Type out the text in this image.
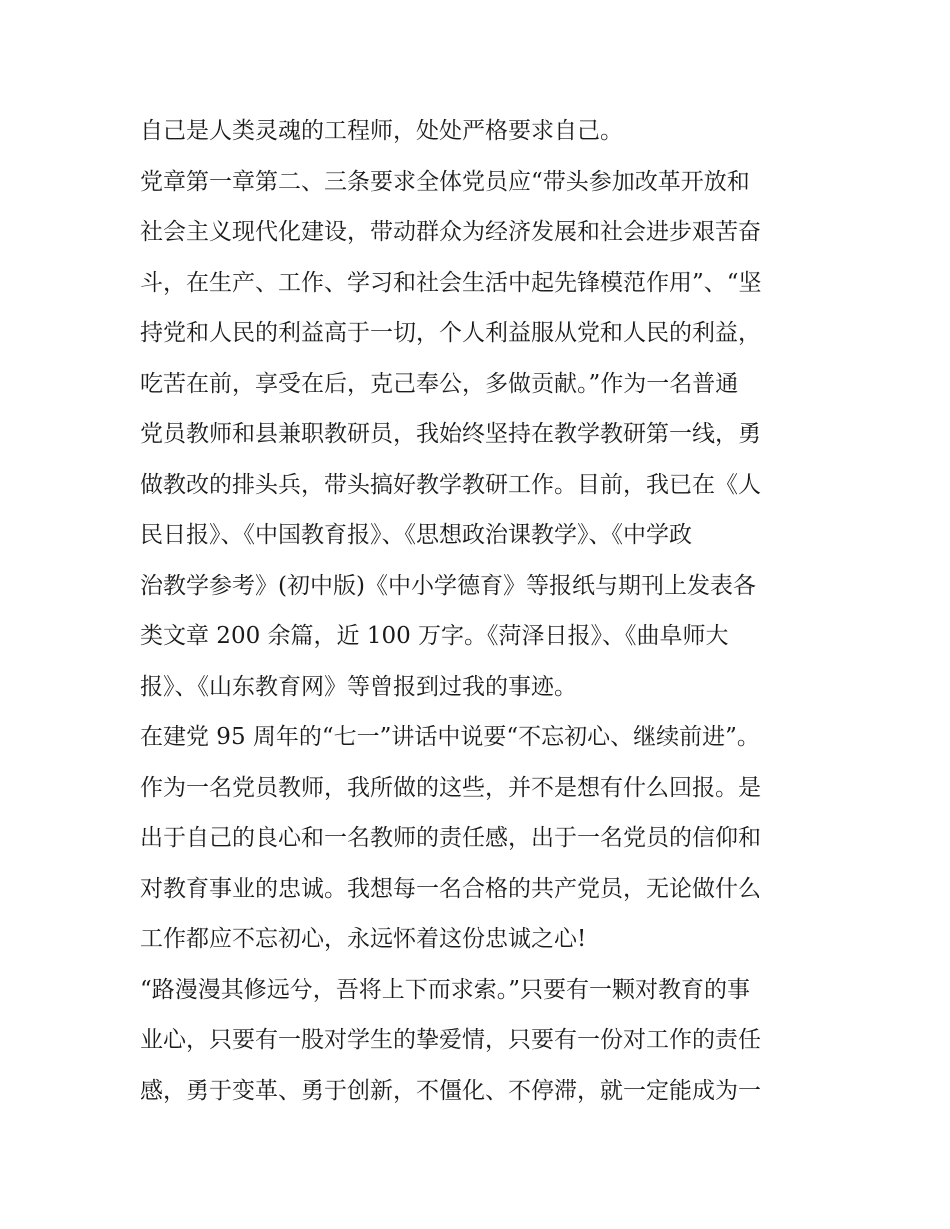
自己是人类灵魂的工程师，处处严格要求自己。
党章第一章第二、三条要求全体党员应“带头参加改革开放和
社会主义现代化建设，带动群众为经济发展和社会进步艰苦奋
斗，在生产、工作、学习和社会生活中起先锋模范作用”、“坚
持党和人民的利益高于一切，个人利益服从党和人民的利益，
吃苦在前，享受在后，克己奉公，多做贡献。”作为一名普通
党员教师和县兼职教研员，我始终坚持在教学教研第一线，勇
做教改的排头兵，带头搞好教学教研工作。目前，我已在《人
民日报》、《中国教育报》、《思想政治课教学》、《中学政
治教学参考》(初中版)《中小学德育》等报纸与期刊上发表各
类文章 200 余篇，近 100 万字。《菏泽日报》、《曲阜师大
报》、《山东教育网》等曾报到过我的事迹。
在建党 95 周年的“七一”讲话中说要“不忘初心、继续前进”。
作为一名党员教师，我所做的这些，并不是想有什么回报。是
出于自己的良心和一名教师的责任感，出于一名党员的信仰和
对教育事业的忠诚。我想每一名合格的共产党员，无论做什么
工作都应不忘初心，永远怀着这份忠诚之心!
“路漫漫其修远兮，吾将上下而求索。”只要有一颗对教育的事
业心，只要有一股对学生的挚爱情，只要有一份对工作的责任
感，勇于变革、勇于创新，不僵化、不停滞，就一定能成为一
